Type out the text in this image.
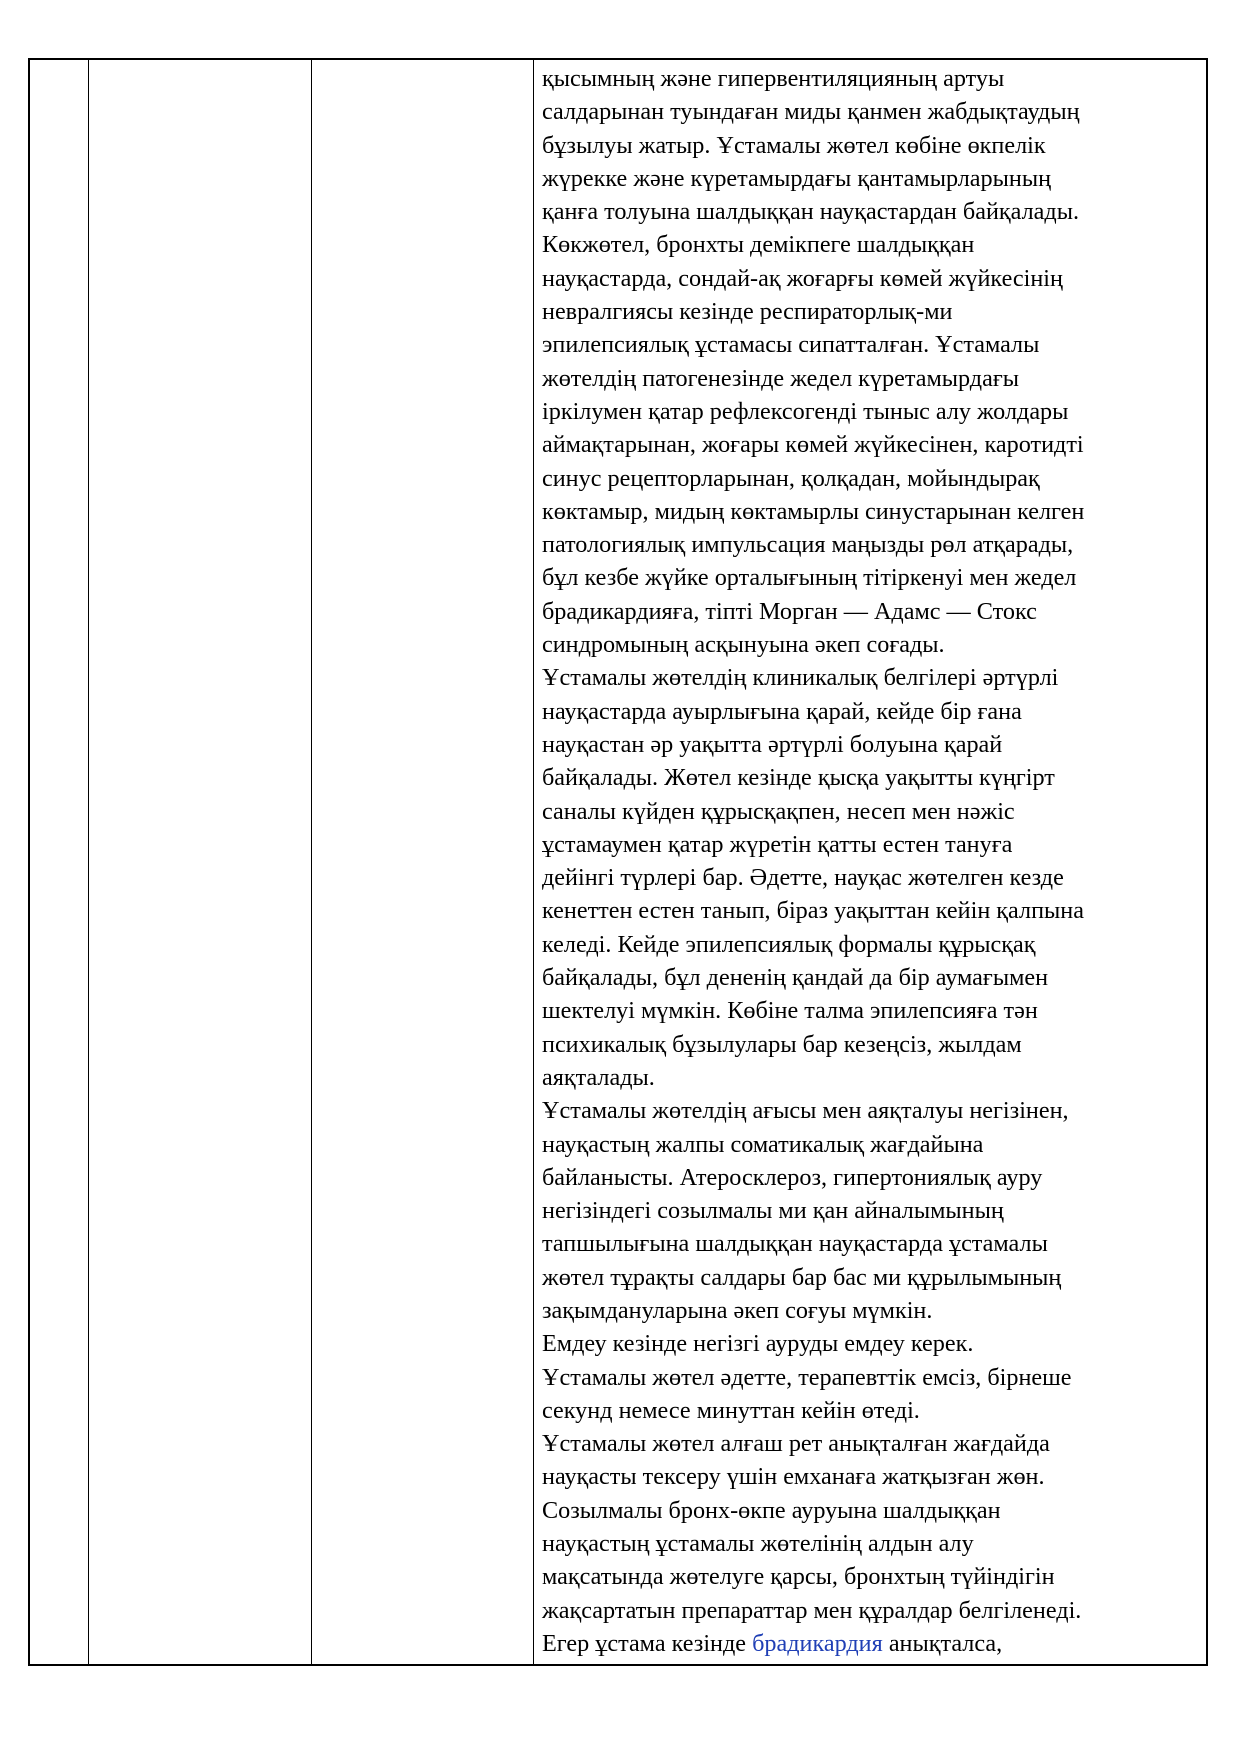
қысымның және гипервентиляцияның артуы
салдарынан туындаған миды қанмен жабдықтаудың
бұзылуы жатыр. Ұстамалы жөтел көбіне өкпелік
жүрекке және күретамырдағы қантамырларының
қанға толуына шалдыққан науқастардан байқалады.
Көкжөтел, бронхты демікпеге шалдыққан
науқастарда, сондай-ақ жоғарғы көмей жүйкесінің
невралгиясы кезінде респираторлық-ми
эпилепсиялық ұстамасы сипатталған. Ұстамалы
жөтелдің патогенезінде жедел күретамырдағы
іркілумен қатар рефлексогенді тыныс алу жолдары
аймақтарынан, жоғары көмей жүйкесінен, каротидті
синус рецепторларынан, қолқадан, мойындырақ
көктамыр, мидың көктамырлы синустарынан келген
патологиялық импульсация маңызды рөл атқарады,
бұл кезбе жүйке орталығының тітіркенуі мен жедел
брадикардияға, тіпті Морган — Адамс — Стокс
синдромының асқынуына әкеп соғады.
Ұстамалы жөтелдің клиникалық белгілері әртүрлі
науқастарда ауырлығына қарай, кейде бір ғана
науқастан әр уақытта әртүрлі болуына қарай
байқалады. Жөтел кезінде қысқа уақытты күңгірт
саналы күйден құрысқақпен, несеп мен нәжіс
ұстамаумен қатар жүретін қатты естен тануға
дейінгі түрлері бар. Әдетте, науқас жөтелген кезде
кенеттен естен танып, біраз уақыттан кейін қалпына
келеді. Кейде эпилепсиялық формалы құрысқақ
байқалады, бұл дененің қандай да бір аумағымен
шектелуі мүмкін. Көбіне талма эпилепсияға тән
психикалық бұзылулары бар кезеңсіз, жылдам
аяқталады.
Ұстамалы жөтелдің ағысы мен аяқталуы негізінен,
науқастың жалпы соматикалық жағдайына
байланысты. Атеросклероз, гипертониялық ауру
негізіндегі созылмалы ми қан айналымының
тапшылығына шалдыққан науқастарда ұстамалы
жөтел тұрақты салдары бар бас ми құрылымының
зақымдануларына әкеп соғуы мүмкін.
Емдеу кезінде негізгі ауруды емдеу керек.
Ұстамалы жөтел әдетте, терапевттік емсіз, бірнеше
секунд немесе минуттан кейін өтеді.
Ұстамалы жөтел алғаш рет анықталған жағдайда
науқасты тексеру үшін емханаға жатқызған жөн.
Созылмалы бронх-өкпе ауруына шалдыққан
науқастың ұстамалы жөтелінің алдын алу
мақсатында жөтелуге қарсы, бронхтың түйіндігін
жақсартатын препараттар мен құралдар белгіленеді.
Егер ұстама кезінде брадикардия анықталса,
